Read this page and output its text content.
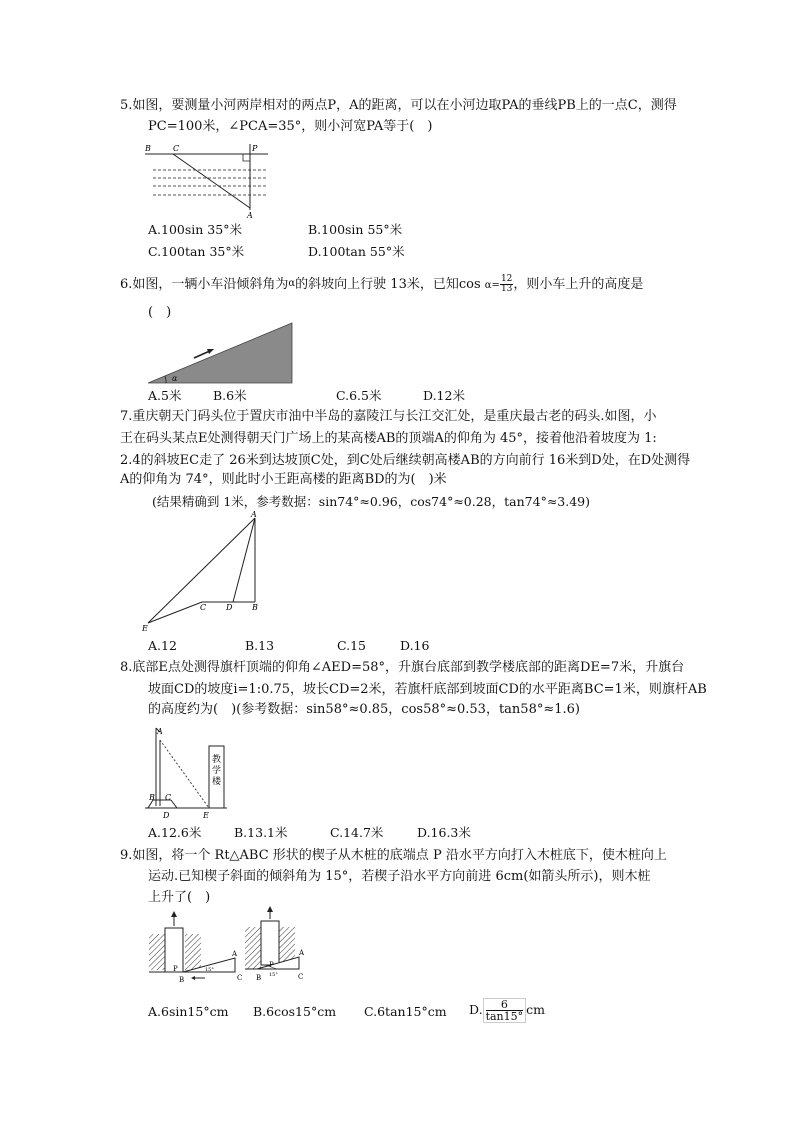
5.如图，要测量小河两岸相对的两点P，A的距离，可以在小河边取PA的垂线PB上的一点C，测得
PC=100米，∠PCA=35°，则小河宽PA等于(　)
B	C	P
A
A.100sin 35°米	B.100sin 55°米
C.100tan 35°米	D.100tan 55°米
6.如图，一辆小车沿倾斜角为α的斜坡向上行驶 13米，已知$\cos \alpha= \frac{12}{13}$ ，则小车上升的高度是
(　)
α
A.5米	B.6米	C.6.5米	D.12米
7.重庆朝天门码头位于置庆市油中半岛的嘉陵江与长江交汇处，是重庆最古老的码头.如图，小
王在码头某点E处测得朝天门广场上的某高楼AB的顶端A的仰角为 45°，接着他沿着坡度为 1:
2.4的斜坡EC走了 26米到达坡顶C处，到C处后继续朝高楼AB的方向前行 16米到D处，在D处测得
A的仰角为 74°，则此时小王距高楼的距离BD的为(　)米
(结果精确到 1米，参考数据：sin74°≈0.96，cos74°≈0.28，tan74°≈3.49)
A
B
C D
E
A.12	B.13	C.15	D.16
8.底部E点处测得旗杆顶端的仰角∠AED=58°，升旗台底部到教学楼底部的距离DE=7米，升旗台
坡面CD的坡度i=1:0.75，坡长CD=2米，若旗杆底部到坡面CD的水平距离BC=1米，则旗杆AB
的高度约为(　)(参考数据：sin58°≈0.85，cos58°≈0.53，tan58°≈1.6)
A
B C
D	E
教
学
楼
A.12.6米	B.13.1米	C.14.7米	D.16.3米
9.如图，将一个 Rt△ABC 形状的楔子从木桩的底端点 P 沿水平方向打入木桩底下，使木桩向上
运动.已知楔子斜面的倾斜角为 15°，若楔子沿水平方向前进 6cm(如箭头所示)，则木桩
上升了(　)
P
B
A
C
15°
P
B
A
C
15°
A.6sin15°cm B.6cos15°cm C.6tan15°cm D. $\frac{6}{\tan 15^\circ}$ cm
